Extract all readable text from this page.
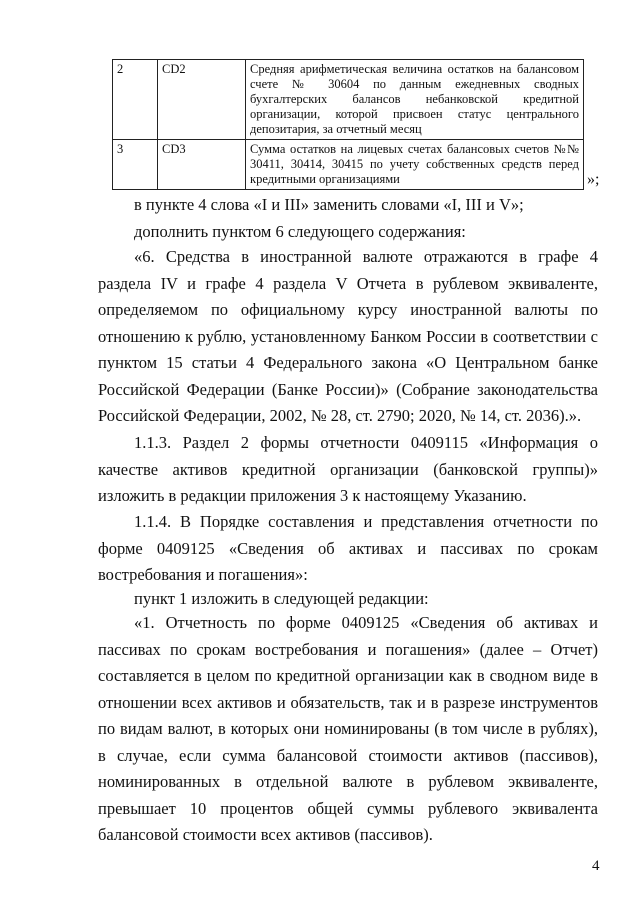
2	CD2	Средняя арифметическая величина остатков на балансовом счете № 30604 по данным ежедневных сводных бухгалтерских балансов небанковской кредитной организации, которой присвоен статус центрального депозитария, за отчетный месяц
3	CD3	Сумма остатков на лицевых счетах балансовых счетов №№ 30411, 30414, 30415 по учету собственных средств перед кредитными организациями	»;
в пункте 4 слова «I и III» заменить словами «I, III и V»;
дополнить пунктом 6 следующего содержания:

«6. Средства в иностранной валюте отражаются в графе 4 раздела IV и графе 4 раздела V Отчета в рублевом эквиваленте, определяемом по официальному курсу иностранной валюты по отношению к рублю, установленному Банком России в соответствии с пунктом 15 статьи 4 Федерального закона «О Центральном банке Российской Федерации (Банке России)» (Собрание законодательства Российской Федерации, 2002, № 28, ст. 2790; 2020, № 14, ст. 2036).».

1.1.3. Раздел 2 формы отчетности 0409115 «Информация о качестве активов кредитной организации (банковской группы)» изложить в редакции приложения 3 к настоящему Указанию.

1.1.4. В Порядке составления и представления отчетности по форме 0409125 «Сведения об активах и пассивах по срокам востребования и погашения»:

пункт 1 изложить в следующей редакции:

«1. Отчетность по форме 0409125 «Сведения об активах и пассивах по срокам востребования и погашения» (далее – Отчет) составляется в целом по кредитной организации как в сводном виде в отношении всех активов и обязательств, так и в разрезе инструментов по видам валют, в которых они номинированы (в том числе в рублях), в случае, если сумма балансовой стоимости активов (пассивов), номинированных в отдельной валюте в рублевом эквиваленте, превышает 10 процентов общей суммы рублевого эквивалента балансовой стоимости всех активов (пассивов).

4
